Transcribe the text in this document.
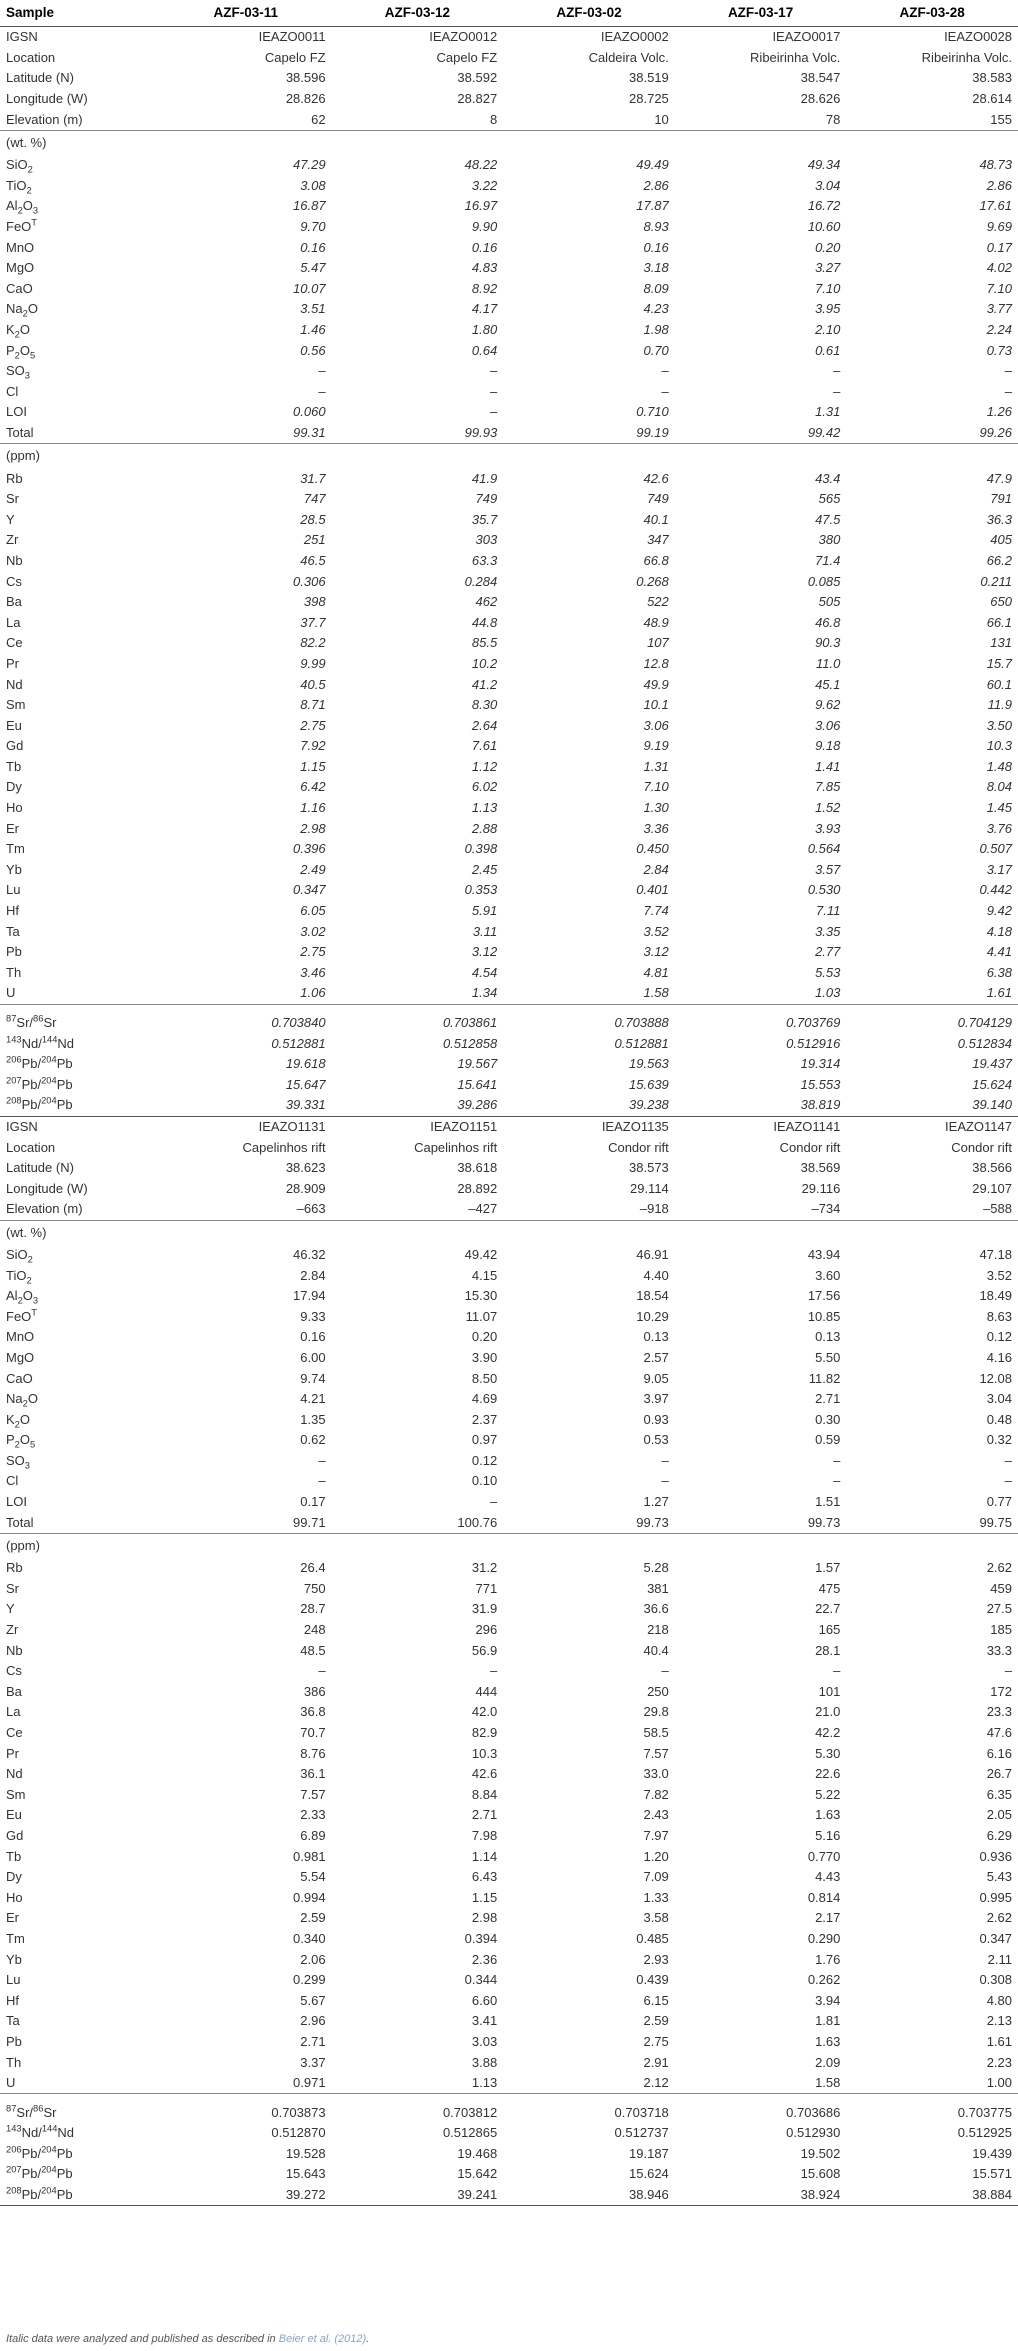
Sample	AZF-03-11	AZF-03-12	AZF-03-02	AZF-03-17	AZF-03-28
IGSN	IEAZO0011	IEAZO0012	IEAZO0002	IEAZO0017	IEAZO0028
Location	Capelo FZ	Capelo FZ	Caldeira Volc.	Ribeirinha Volc.	Ribeirinha Volc.
Latitude (N)	38.596	38.592	38.519	38.547	38.583
Longitude (W)	28.826	28.827	28.725	28.626	28.614
Elevation (m)	62	8	10	78	155
(wt. %)					
SiO$_2$	47.29	48.22	49.49	49.34	48.73
TiO$_2$	3.08	3.22	2.86	3.04	2.86
$Al_2O_3$	16.87	16.97	17.87	16.72	17.61
FeO$^T$	9.70	9.90	8.93	10.60	9.69
MnO	0.16	0.16	0.16	0.20	0.17
MgO	5.47	4.83	3.18	3.27	4.02
CaO	10.07	8.92	8.09	7.10	7.10
$Na_2O$	3.51	4.17	4.23	3.95	3.77
$K_2O$	1.46	1.80	1.98	2.10	2.24
$P_2O_5$	0.56	0.64	0.70	0.61	0.73
$SO_3$	–	–	–	–	–
Cl	–	–	–	–	–
LOI	0.060	–	0.710	1.31	1.26
Total	99.31	99.93	99.19	99.42	99.26
(ppm)					
Rb	31.7	41.9	42.6	43.4	47.9
Sr	747	749	749	565	791
Y	28.5	35.7	40.1	47.5	36.3
Zr	251	303	347	380	405
Nb	46.5	63.3	66.8	71.4	66.2
Cs	0.306	0.284	0.268	0.085	0.211
Ba	398	462	522	505	650
La	37.7	44.8	48.9	46.8	66.1
Ce	82.2	85.5	107	90.3	131
Pr	9.99	10.2	12.8	11.0	15.7
Nd	40.5	41.2	49.9	45.1	60.1
Sm	8.71	8.30	10.1	9.62	11.9
Eu	2.75	2.64	3.06	3.06	3.50
Gd	7.92	7.61	9.19	9.18	10.3
Tb	1.15	1.12	1.31	1.41	1.48
Dy	6.42	6.02	7.10	7.85	8.04
Ho	1.16	1.13	1.30	1.52	1.45
Er	2.98	2.88	3.36	3.93	3.76
Tm	0.396	0.398	0.450	0.564	0.507
Yb	2.49	2.45	2.84	3.57	3.17
Lu	0.347	0.353	0.401	0.530	0.442
Hf	6.05	5.91	7.74	7.11	9.42
Ta	3.02	3.11	3.52	3.35	4.18
Pb	2.75	3.12	3.12	2.77	4.41
Th	3.46	4.54	4.81	5.53	6.38
U	1.06	1.34	1.58	1.03	1.61

$^{87}$Sr/$^{86}$Sr	0.703840	0.703861	0.703888	0.703769	0.704129
$^{143}$Nd/$^{144}$Nd	0.512881	0.512858	0.512881	0.512916	0.512834
$^{206}$Pb/$^{204}$Pb	19.618	19.567	19.563	19.314	19.437
$^{207}$Pb/$^{204}$Pb	15.647	15.641	15.639	15.553	15.624
$^{208}$Pb/$^{204}$Pb	39.331	39.286	39.238	38.819	39.140
IGSN	IEAZO1131	IEAZO1151	IEAZO1135	IEAZO1141	IEAZO1147
Location	Capelinhos rift	Capelinhos rift	Condor rift	Condor rift	Condor rift
Latitude (N)	38.623	38.618	38.573	38.569	38.566
Longitude (W)	28.909	28.892	29.114	29.116	29.107
Elevation (m)	–663	–427	–918	–734	–588
(wt. %)					
SiO$_2$	46.32	49.42	46.91	43.94	47.18
TiO$_2$	2.84	4.15	4.40	3.60	3.52
$Al_2O_3$	17.94	15.30	18.54	17.56	18.49
FeO$^T$	9.33	11.07	10.29	10.85	8.63
MnO	0.16	0.20	0.13	0.13	0.12
MgO	6.00	3.90	2.57	5.50	4.16
CaO	9.74	8.50	9.05	11.82	12.08
$Na_2O$	4.21	4.69	3.97	2.71	3.04
$K_2O$	1.35	2.37	0.93	0.30	0.48
$P_2O_5$	0.62	0.97	0.53	0.59	0.32
$SO_3$	–	0.12	–	–	–
Cl	–	0.10	–	–	–
LOI	0.17	–	1.27	1.51	0.77
Total	99.71	100.76	99.73	99.73	99.75
(ppm)					
Rb	26.4	31.2	5.28	1.57	2.62
Sr	750	771	381	475	459
Y	28.7	31.9	36.6	22.7	27.5
Zr	248	296	218	165	185
Nb	48.5	56.9	40.4	28.1	33.3
Cs	–	–	–	–	–
Ba	386	444	250	101	172
La	36.8	42.0	29.8	21.0	23.3
Ce	70.7	82.9	58.5	42.2	47.6
Pr	8.76	10.3	7.57	5.30	6.16
Nd	36.1	42.6	33.0	22.6	26.7
Sm	7.57	8.84	7.82	5.22	6.35
Eu	2.33	2.71	2.43	1.63	2.05
Gd	6.89	7.98	7.97	5.16	6.29
Tb	0.981	1.14	1.20	0.770	0.936
Dy	5.54	6.43	7.09	4.43	5.43
Ho	0.994	1.15	1.33	0.814	0.995
Er	2.59	2.98	3.58	2.17	2.62
Tm	0.340	0.394	0.485	0.290	0.347
Yb	2.06	2.36	2.93	1.76	2.11
Lu	0.299	0.344	0.439	0.262	0.308
Hf	5.67	6.60	6.15	3.94	4.80
Ta	2.96	3.41	2.59	1.81	2.13
Pb	2.71	3.03	2.75	1.63	1.61
Th	3.37	3.88	2.91	2.09	2.23
U	0.971	1.13	2.12	1.58	1.00

$^{87}$Sr/$^{86}$Sr	0.703873	0.703812	0.703718	0.703686	0.703775
$^{143}$Nd/$^{144}$Nd	0.512870	0.512865	0.512737	0.512930	0.512925
$^{206}$Pb/$^{204}$Pb	19.528	19.468	19.187	19.502	19.439
$^{207}$Pb/$^{204}$Pb	15.643	15.642	15.624	15.608	15.571
$^{208}$Pb/$^{204}$Pb	39.272	39.241	38.946	38.924	38.884
Italic data were analyzed and published as described in Beier et al. (2012).
